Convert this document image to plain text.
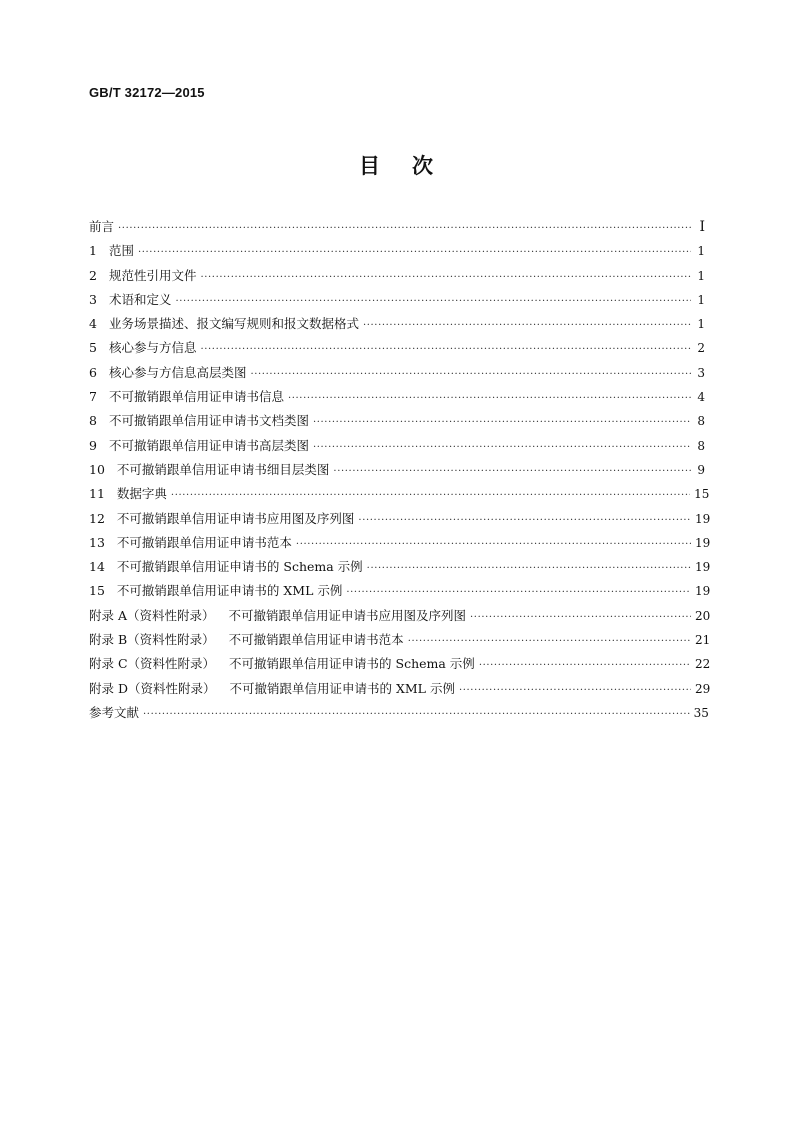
GB/T 32172—2015
目 次
前言 ·····	I
1 范围 ·····	1
2 规范性引用文件 ·····	1
3 术语和定义 ·····	1
4 业务场景描述、报文编写规则和报文数据格式 ·····	1
5 核心参与方信息 ·····	2
6 核心参与方信息高层类图 ·····	3
7 不可撤销跟单信用证申请书信息 ·····	4
8 不可撤销跟单信用证申请书文档类图 ·····	8
9 不可撤销跟单信用证申请书高层类图 ·····	8
10 不可撤销跟单信用证申请书细目层类图 ·····	9
11 数据字典 ·····	15
12 不可撤销跟单信用证申请书应用图及序列图 ·····	19
13 不可撤销跟单信用证申请书范本 ·····	19
14 不可撤销跟单信用证申请书的 Schema 示例 ·····	19
15 不可撤销跟单信用证申请书的 XML 示例 ·····	19
附录 A（资料性附录） 不可撤销跟单信用证申请书应用图及序列图 ·····	20
附录 B（资料性附录） 不可撤销跟单信用证申请书范本 ·····	21
附录 C（资料性附录） 不可撤销跟单信用证申请书的 Schema 示例 ·····	22
附录 D（资料性附录） 不可撤销跟单信用证申请书的 XML 示例 ·····	29
参考文献 ·····	35
